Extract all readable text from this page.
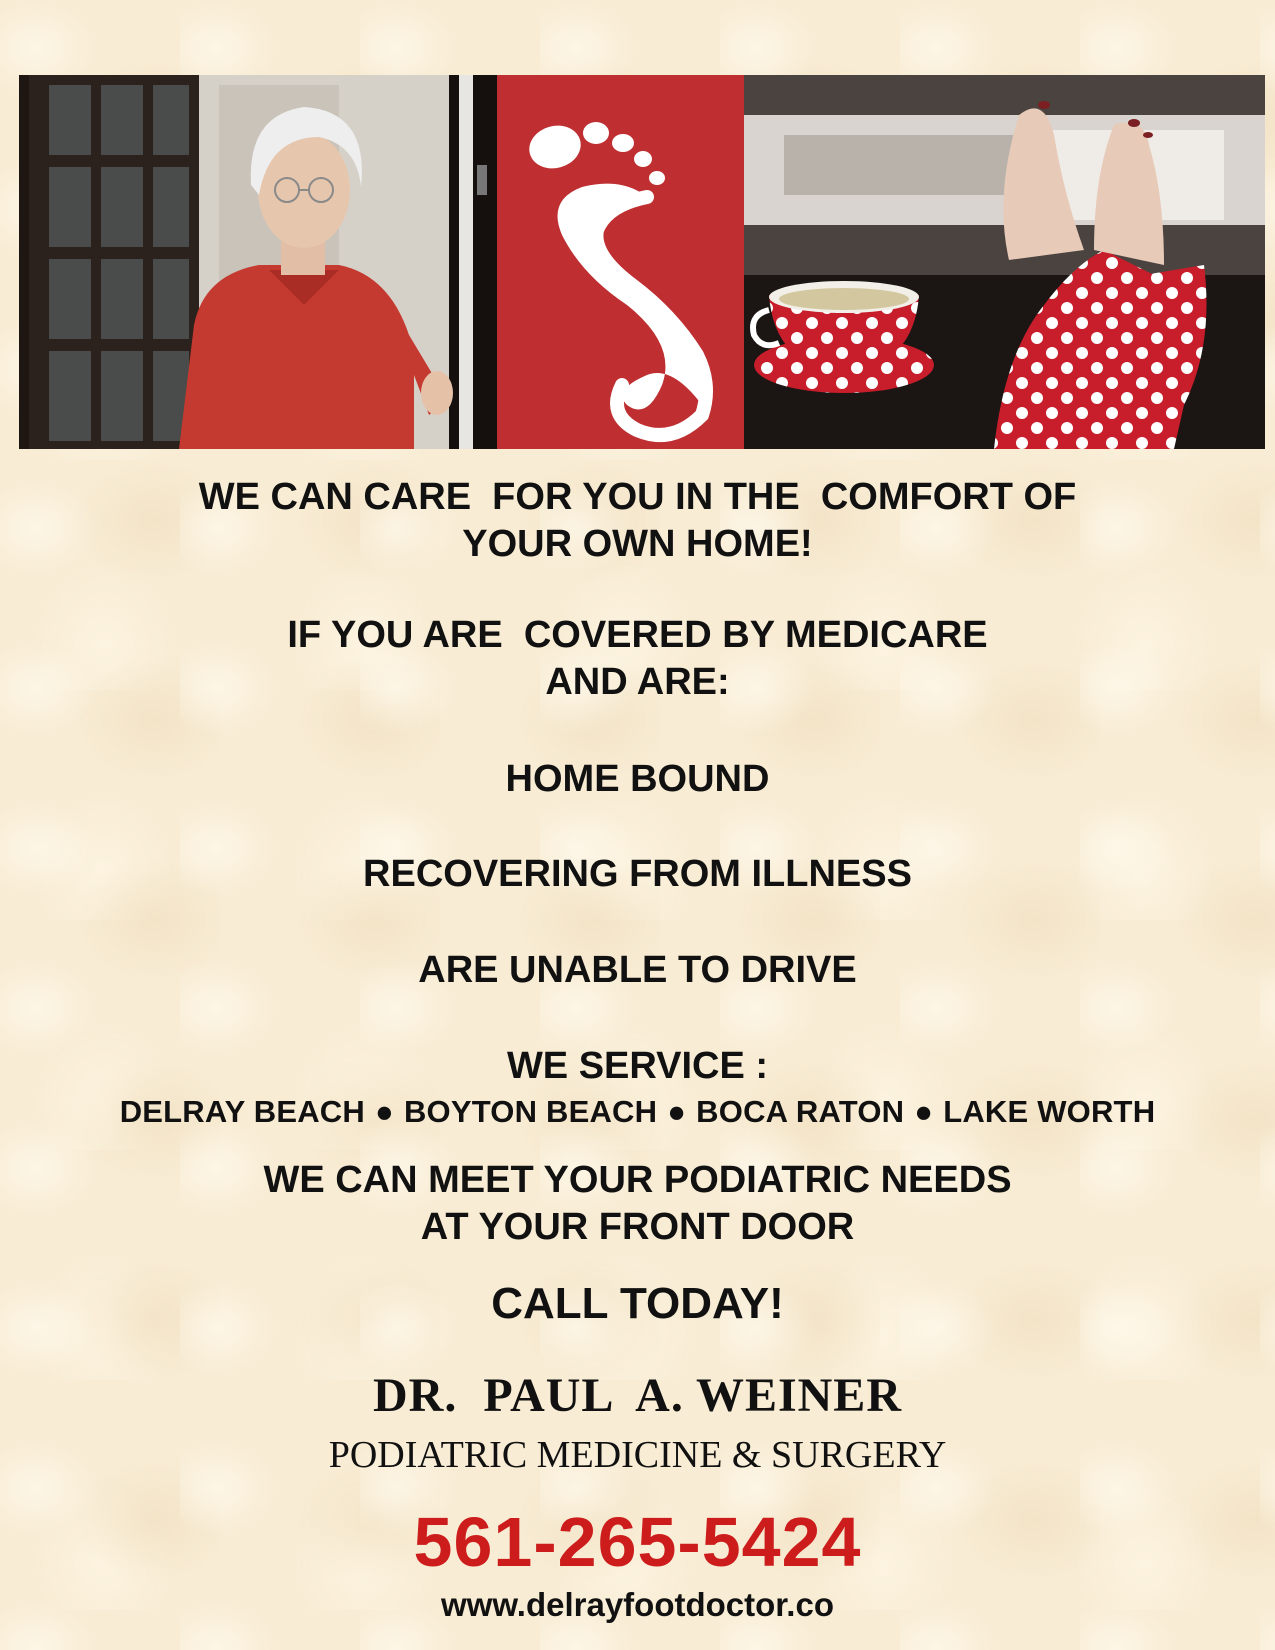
WE CAN CARE  FOR YOU IN THE  COMFORT OF
YOUR OWN HOME!
IF YOU ARE  COVERED BY MEDICARE
AND ARE:
HOME BOUND
RECOVERING FROM ILLNESS
ARE UNABLE TO DRIVE
WE SERVICE :
DELRAY BEACH ● BOYTON BEACH ● BOCA RATON ● LAKE WORTH
WE CAN MEET YOUR PODIATRIC NEEDS
AT YOUR FRONT DOOR
CALL TODAY!
DR.  PAUL  A. WEINER
PODIATRIC MEDICINE & SURGERY
561-265-5424
www.delrayfootdoctor.co
